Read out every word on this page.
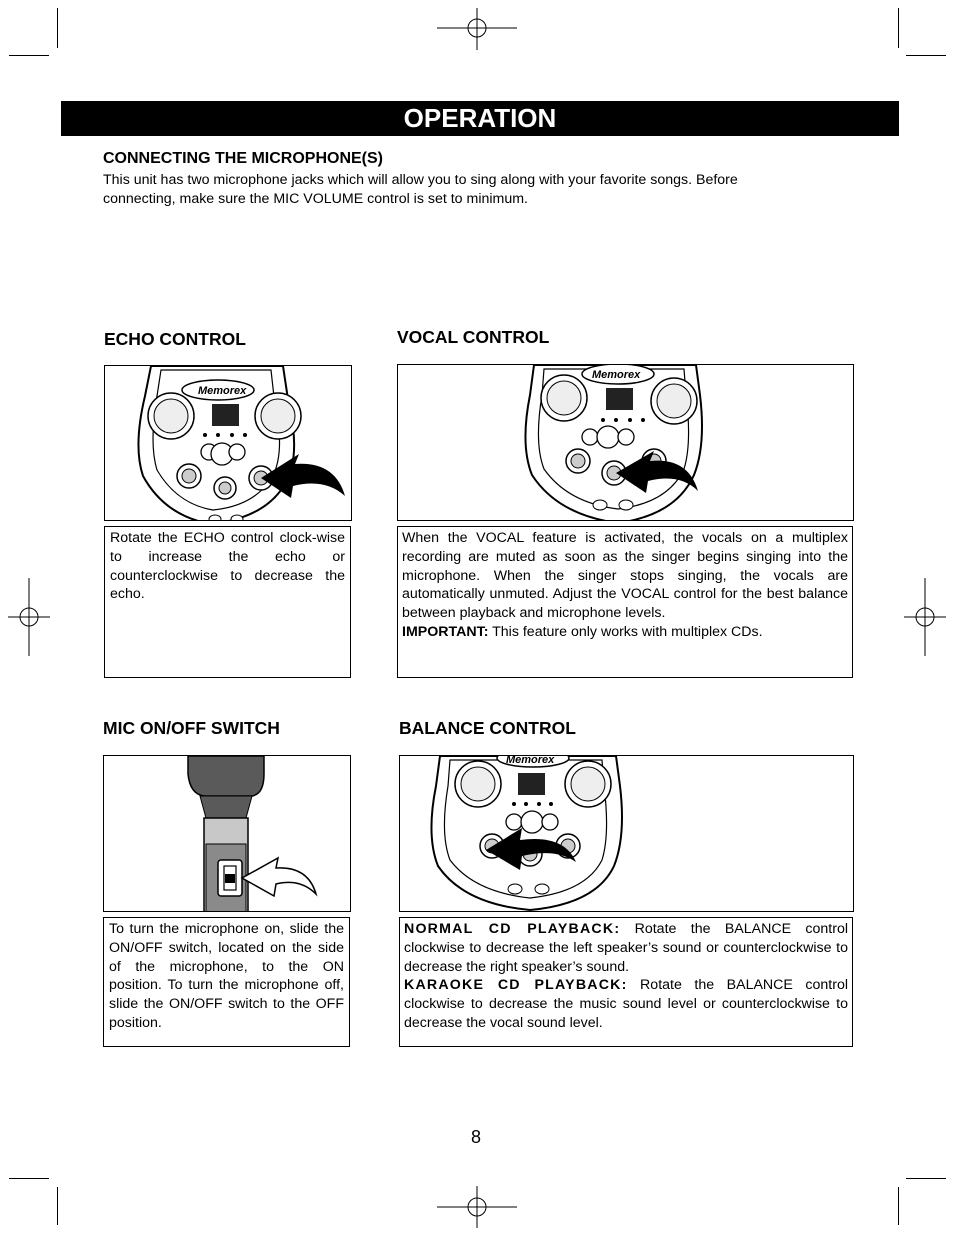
OPERATION
CONNECTING THE MICROPHONE(S)
This unit has two microphone jacks which will allow you to sing along with your favorite songs. Before
connecting, make sure the MIC VOLUME control is set to minimum.
ECHO CONTROL	VOCAL CONTROL
MIC ON/OFF SWITCH	BALANCE CONTROL
Memorex
Memorex
Memorex
Rotate the ECHO control clock-wise to increase the echo or counterclockwise to decrease the echo.
When the VOCAL feature is activated, the vocals on a multiplex recording are muted as soon as the singer begins singing into the microphone. When the singer stops singing, the vocals are automatically unmuted. Adjust the VOCAL control for the best balance between playback and microphone levels.
IMPORTANT: This feature only works with multiplex CDs.
To turn the microphone on, slide the ON/OFF switch, located on the side of the microphone, to the ON position. To turn the microphone off, slide the ON/OFF switch to the OFF position.
NORMAL CD PLAYBACK: Rotate the BALANCE control clockwise to decrease the left speaker’s sound or counterclockwise to decrease the right speaker’s sound.
KARAOKE CD PLAYBACK: Rotate the BALANCE control clockwise to decrease the music sound level or counterclockwise to decrease the vocal sound level.
8
